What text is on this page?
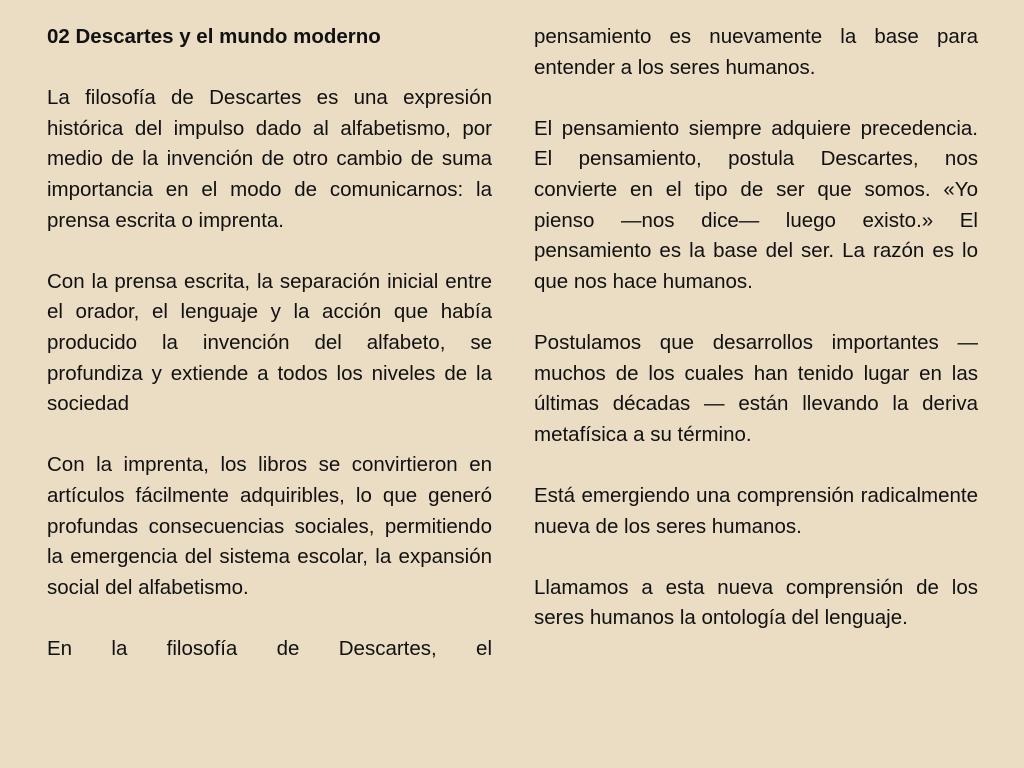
02 Descartes y el mundo moderno

La filosofía de Descartes es una expresión histórica del impulso dado al alfabetismo, por medio de la invención de otro cambio de suma importancia en el modo de comunicarnos: la prensa escrita o imprenta.

Con la prensa escrita, la separación inicial entre el orador, el lenguaje y la acción que había producido la invención del alfabeto, se profundiza y extiende a todos los niveles de la sociedad

Con la imprenta, los libros se convirtieron en artículos fácilmente adquiribles, lo que generó profundas consecuencias sociales, permitiendo la emergencia del sistema escolar, la expansión social del alfabetismo.

En la filosofía de Descartes, el

pensamiento es nuevamente la base para entender a los seres humanos.

El pensamiento siempre adquiere precedencia. El pensamiento, postula Descartes, nos convierte en el tipo de ser que somos. «Yo pienso —nos dice— luego existo.» El pensamiento es la base del ser. La razón es lo que nos hace humanos.

Postulamos que desarrollos importantes —muchos de los cuales han tenido lugar en las últimas décadas — están llevando la deriva metafísica a su término.

Está emergiendo una comprensión radicalmente nueva de los seres humanos.

Llamamos a esta nueva comprensión de los seres humanos la ontología del lenguaje.
